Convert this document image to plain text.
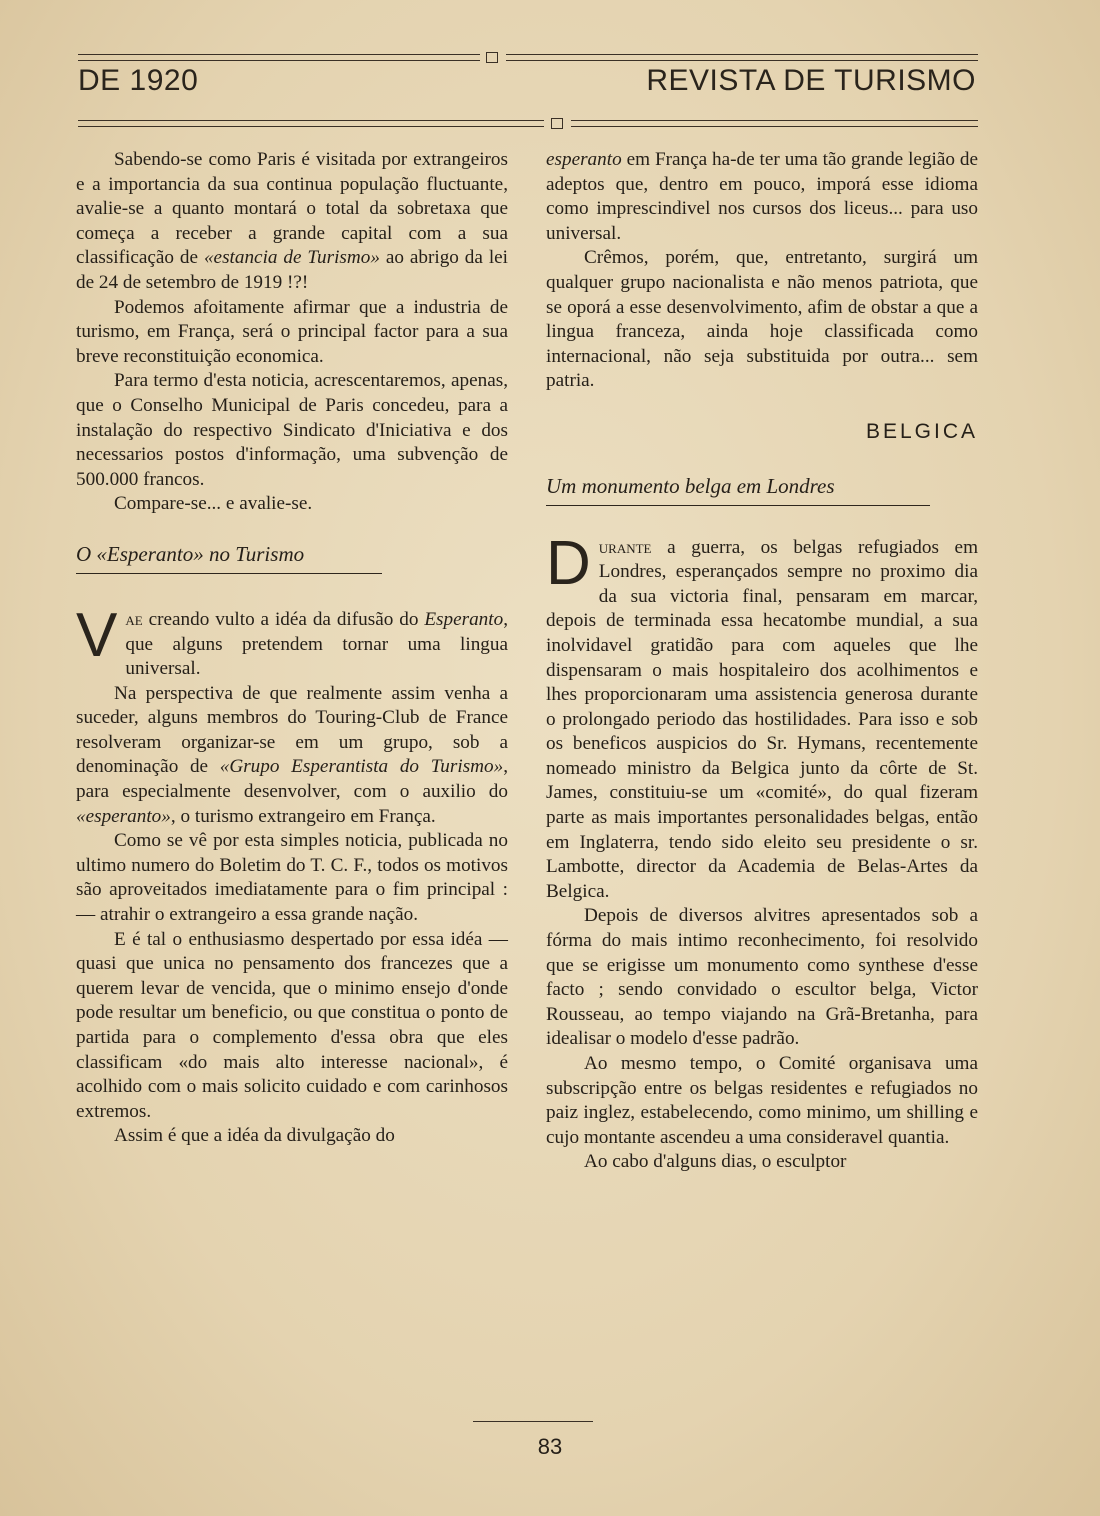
DE 1920	REVISTA DE TURISMO

Sabendo-se como Paris é visitada por extrangeiros e a importancia da sua continua população fluctuante, avalie-se a quanto montará o total da sobretaxa que começa a receber a grande capital com a sua classificação de «estancia de Turismo» ao abrigo da lei de 24 de setembro de 1919 !?!

Podemos afoitamente afirmar que a industria de turismo, em França, será o principal factor para a sua breve reconstituição economica.

Para termo d'esta noticia, acrescentaremos, apenas, que o Conselho Municipal de Paris concedeu, para a instalação do respectivo Sindicato d'Iniciativa e dos necessarios postos d'informação, uma subvenção de 500.000 francos.

Compare-se... e avalie-se.

O «Esperanto» no Turismo

Vae creando vulto a idéa da difusão do Esperanto, que alguns pretendem tornar uma lingua universal.

Na perspectiva de que realmente assim venha a suceder, alguns membros do Touring-Club de France resolveram organizar-se em um grupo, sob a denominação de «Grupo Esperantista do Turismo», para especialmente desenvolver, com o auxilio do «esperanto», o turismo extrangeiro em França.

Como se vê por esta simples noticia, publicada no ultimo numero do Boletim do T. C. F., todos os motivos são aproveitados imediatamente para o fim principal : — atrahir o extrangeiro a essa grande nação.

E é tal o enthusiasmo despertado por essa idéa — quasi que unica no pensamento dos francezes que a querem levar de vencida, que o minimo ensejo d'onde pode resultar um beneficio, ou que constitua o ponto de partida para o complemento d'essa obra que eles classificam «do mais alto interesse nacional», é acolhido com o mais solicito cuidado e com carinhosos extremos.

Assim é que a idéa da divulgação do

esperanto em França ha-de ter uma tão grande legião de adeptos que, dentro em pouco, imporá esse idioma como imprescindivel nos cursos dos liceus... para uso universal.

Crêmos, porém, que, entretanto, surgirá um qualquer grupo nacionalista e não menos patriota, que se oporá a esse desenvolvimento, afim de obstar a que a lingua franceza, ainda hoje classificada como internacional, não seja substituida por outra... sem patria.

BELGICA
Um monumento belga em Londres

Durante a guerra, os belgas refugiados em Londres, esperançados sempre no proximo dia da sua victoria final, pensaram em marcar, depois de terminada essa hecatombe mundial, a sua inolvidavel gratidão para com aqueles que lhe dispensaram o mais hospitaleiro dos acolhimentos e lhes proporcionaram uma assistencia generosa durante o prolongado periodo das hostilidades. Para isso e sob os beneficos auspicios do Sr. Hymans, recentemente nomeado ministro da Belgica junto da côrte de St. James, constituiu-se um «comité», do qual fizeram parte as mais importantes personalidades belgas, então em Inglaterra, tendo sido eleito seu presidente o sr. Lambotte, director da Academia de Belas-Artes da Belgica.

Depois de diversos alvitres apresentados sob a fórma do mais intimo reconhecimento, foi resolvido que se erigisse um monumento como synthese d'esse facto ; sendo convidado o escultor belga, Victor Rousseau, ao tempo viajando na Grã-Bretanha, para idealisar o modelo d'esse padrão.

Ao mesmo tempo, o Comité organisava uma subscripção entre os belgas residentes e refugiados no paiz inglez, estabelecendo, como minimo, um shilling e cujo montante ascendeu a uma consideravel quantia.

Ao cabo d'alguns dias, o esculptor

83
